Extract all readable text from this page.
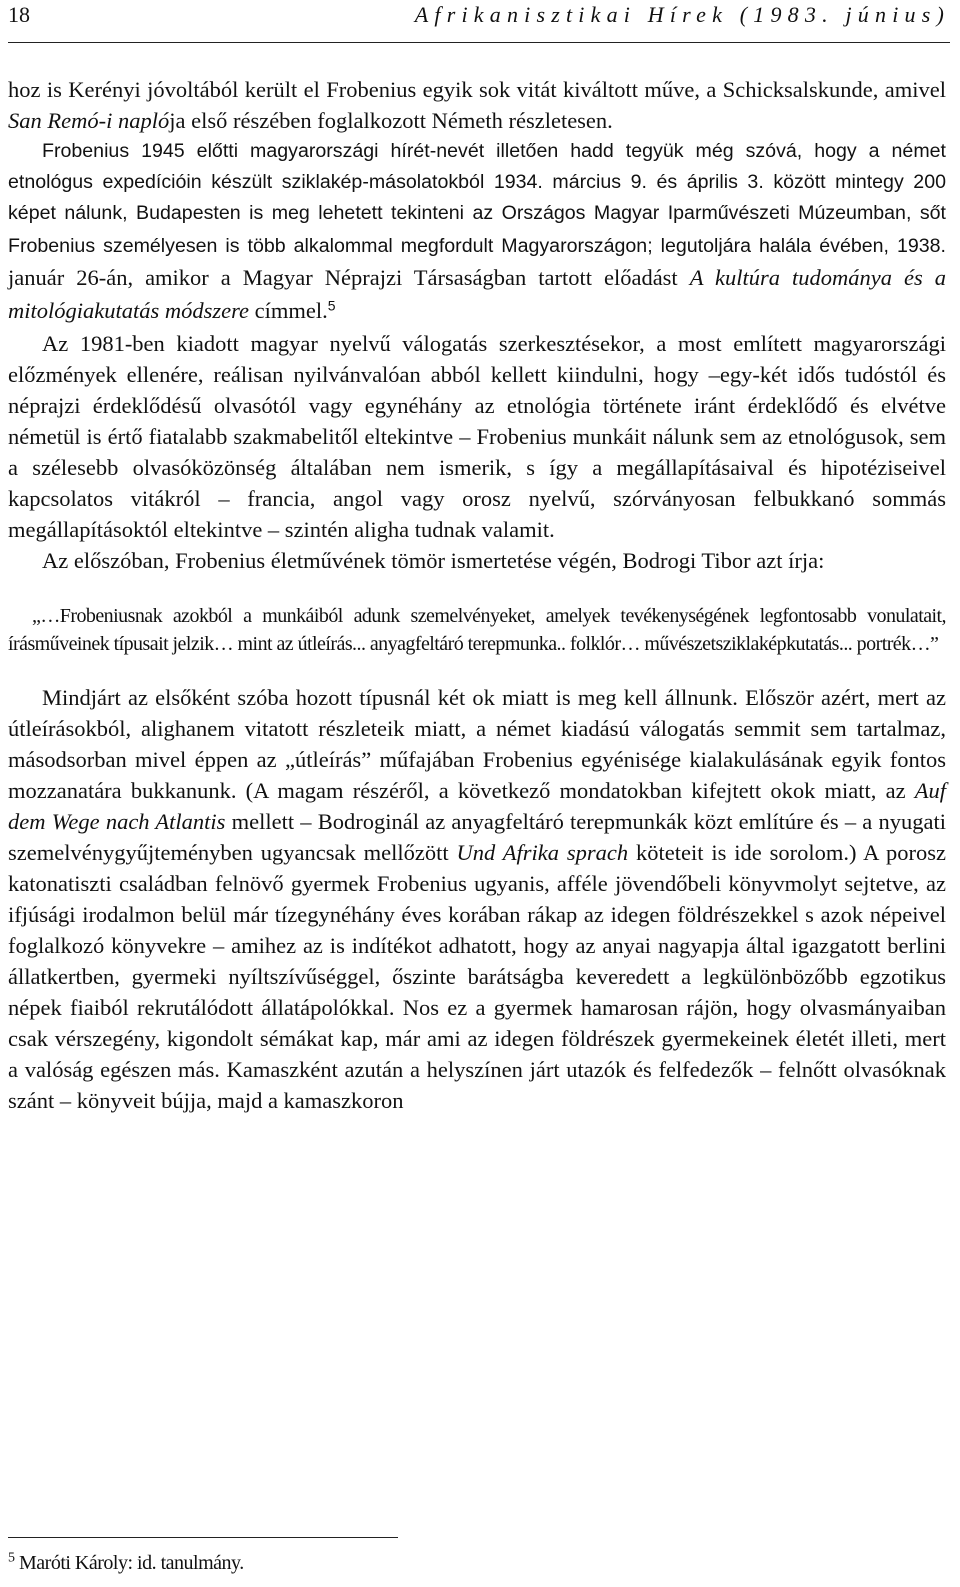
18	Afrikanisztikai Hírek (1983. június)

hoz is Kerényi jóvoltából került el Frobenius egyik sok vitát kiváltott műve, a Schicksalskunde, amivel San Remó-i naplója első részében foglalkozott Németh részletesen.

Frobenius 1945 előtti magyarországi hírét-nevét illetően hadd tegyük még szóvá, hogy a német etnológus expedícióin készült sziklakép-másolatokból 1934. március 9. és április 3. között mintegy 200 képet nálunk, Budapesten is meg lehetett tekinteni az Országos Magyar Iparművészeti Múzeumban, sőt Frobenius személyesen is több alkalommal megfordult Magyarországon; legutoljára halála évében, 1938. január 26-án, amikor a Magyar Néprajzi Társaságban tartott előadást A kultúra tudománya és a mitológiakutatás módszere címmel.$^5$

Az 1981-ben kiadott magyar nyelvű válogatás szerkesztésekor, a most említett magyarországi előzmények ellenére, reálisan nyilvánvalóan abból kellett kiindulni, hogy –egy-két idős tudóstól és néprajzi érdeklődésű olvasótól vagy egynéhány az etnológia története iránt érdeklődő és elvétve németül is értő fiatalabb szakmabelitől eltekintve – Frobenius munkáit nálunk sem az etnológusok, sem a szélesebb olvasóközönség általában nem ismerik, s így a megállapításaival és hipotéziseivel kapcsolatos vitákról – francia, angol vagy orosz nyelvű, szórványosan felbukkanó sommás megállapításoktól eltekintve – szintén aligha tudnak valamit.

Az előszóban, Frobenius életművének tömör ismertetése végén, Bodrogi Tibor azt írja:

„…Frobeniusnak azokból a munkáiból adunk szemelvényeket, amelyek tevékenységének legfontosabb vonulatait, írásműveinek típusait jelzik… mint az útleírás... anyagfeltáró terepmunka.. folklór… művészetsziklaképkutatás... portrék…”

Mindjárt az elsőként szóba hozott típusnál két ok miatt is meg kell állnunk. Először azért, mert az útleírásokból, alighanem vitatott részleteik miatt, a német kiadású válogatás semmit sem tartalmaz, másodsorban mivel éppen az „útleírás” műfajában Frobenius egyénisége kialakulásának egyik fontos mozzanatára bukkanunk. (A magam részéről, a következő mondatokban kifejtett okok miatt, az Auf dem Wege nach Atlantis mellett – Bodroginál az anyagfeltáró terepmunkák közt említúre és – a nyugati szemelvénygyűjteményben ugyancsak mellőzött Und Afrika sprach köteteit is ide sorolom.) A porosz katonatiszti családban felnövő gyermek Frobenius ugyanis, afféle jövendőbeli könyvmolyt sejtetve, az ifjúsági irodalmon belül már tízegynéhány éves korában rákap az idegen földrészekkel s azok népeivel foglalkozó könyvekre – amihez az is indítékot adhatott, hogy az anyai nagyapja által igazgatott berlini állatkertben, gyermeki nyíltszívűséggel, őszinte barátságba keveredett a legkülönbözőbb egzotikus népek fiaiból rekrutálódott állatápolókkal. Nos ez a gyermek hamarosan rájön, hogy olvasmányaiban csak vérszegény, kigondolt sémákat kap, már ami az idegen földrészek gyermekeinek életét illeti, mert a valóság egészen más. Kamaszként azután a helyszínen járt utazók és felfedezők – felnőtt olvasóknak szánt – könyveit bújja, majd a kamaszkoron

$^5$ Maróti Károly: id. tanulmány.
